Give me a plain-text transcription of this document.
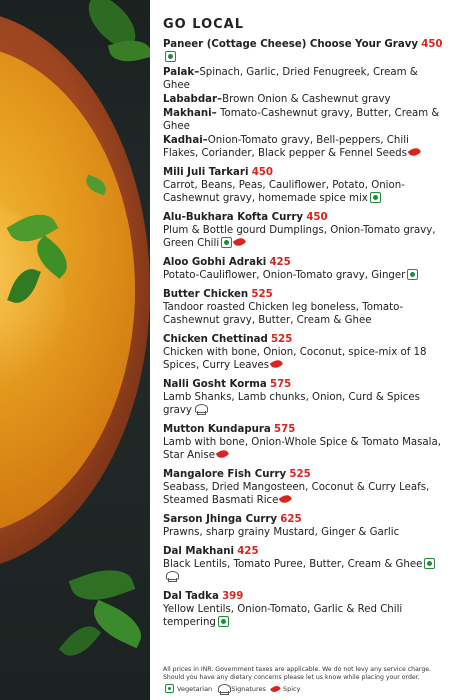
GO LOCAL
Paneer (Cottage Cheese) Choose Your Gravy 450
Palak–Spinach, Garlic, Dried Fenugreek, Cream & Ghee
Lababdar–Brown Onion & Cashewnut gravy
Makhani– Tomato-Cashewnut gravy, Butter, Cream & Ghee
Kadhai–Onion-Tomato gravy, Bell-peppers, Chili Flakes, Coriander, Black pepper & Fennel Seeds
Mili Juli Tarkari 450
Carrot, Beans, Peas, Cauliflower, Potato, Onion-Cashewnut gravy, homemade spice mix
Alu-Bukhara Kofta Curry 450
Plum & Bottle gourd Dumplings, Onion-Tomato gravy, Green Chili
Aloo Gobhi Adraki 425
Potato-Cauliflower, Onion-Tomato gravy, Ginger
Butter Chicken 525
Tandoor roasted Chicken leg boneless, Tomato-Cashewnut gravy, Butter, Cream & Ghee
Chicken Chettinad 525
Chicken with bone, Onion, Coconut, spice-mix of 18 Spices, Curry Leaves
Nalli Gosht Korma 575
Lamb Shanks, Lamb chunks, Onion, Curd & Spices gravy
Mutton Kundapura 575
Lamb with bone, Onion-Whole Spice & Tomato Masala, Star Anise
Mangalore Fish Curry 525
Seabass, Dried Mangosteen, Coconut & Curry Leafs, Steamed Basmati Rice
Sarson Jhinga Curry 625
Prawns, sharp grainy Mustard, Ginger & Garlic
Dal Makhani 425
Black Lentils, Tomato Puree, Butter, Cream & Ghee
Dal Tadka 399
Yellow Lentils, Onion-Tomato, Garlic & Red Chili tempering
All prices in INR. Government taxes are applicable. We do not levy any service charge. Should you have any dietary concerns please let us know while placing your order.
Vegetarian	Signatures	Spicy
